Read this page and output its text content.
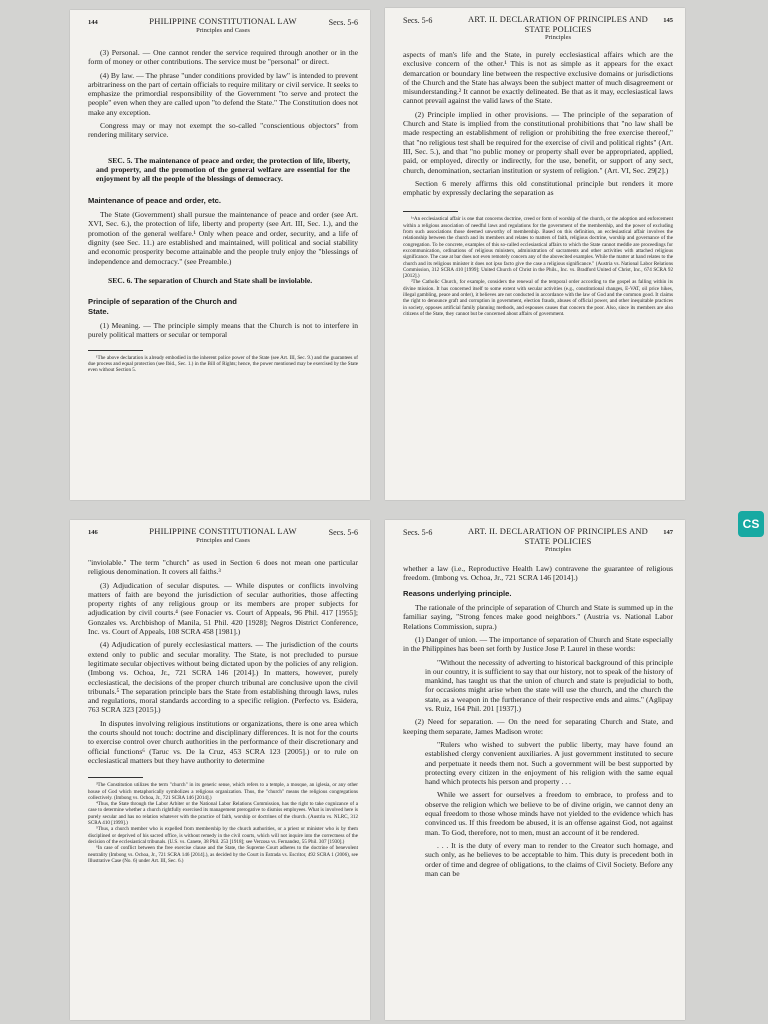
144	PHILIPPINE CONSTITUTIONAL LAW
Principles and Cases
Secs. 5-6

(3) Personal. — One cannot render the service required through another or in the form of money or other contributions. The service must be "personal" or direct.

(4) By law. — The phrase "under conditions provided by law" is intended to prevent arbitrariness on the part of certain officials to require military or civil service. It seeks to emphasize the primordial responsibility of the Government "to serve and protect the people" even when they are called upon "to defend the State." The Constitution does not make any exception.

Congress may or may not exempt the so-called "conscientious objectors" from rendering military service.

SEC. 5. The maintenance of peace and order, the protection of life, liberty, and property, and the promotion of the general welfare are essential for the enjoyment by all the people of the blessings of democracy.
Maintenance of peace and order, etc.

The State (Government) shall pursue the maintenance of peace and order (see Art. XVI, Sec. 6.), the protection of life, liberty and property (see Art. III, Sec. 1.), and the promotion of the general welfare.¹ Only when peace and order, security, and a life of dignity (see Sec. 11.) are established and maintained, will political and social stability and economic prosperity become attainable and the people truly enjoy the "blessings of independence and democracy." (see Preamble.)

SEC. 6. The separation of Church and State shall be inviolable.
Principle of separation of the Church and State.

(1) Meaning. — The principle simply means that the Church is not to interfere in purely political matters or secular or temporal

¹The above declaration is already embodied in the inherent police power of the State (see Art. III, Sec. 9.) and the guarantees of due process and equal protection (see Ibid., Sec. 1.) in the Bill of Rights; hence, the power mentioned may be exercised by the State even without Section 5.

Secs. 5-6	ART. II. DECLARATION OF PRINCIPLES AND STATE POLICIES
Principles
145

aspects of man's life and the State, in purely ecclesiastical affairs which are the exclusive concern of the other.¹ This is not as simple as it appears for the exact demarcation or boundary line between the respective exclusive domains or jurisdictions of the Church and the State has always been the subject matter of much disagreement or misunderstanding.² It cannot be exactly delineated. Be that as it may, ecclesiastical laws cannot prevail against the valid laws of the State.

(2) Principle implied in other provisions. — The principle of the separation of Church and State is implied from the constitutional prohibitions that "no law shall be made respecting an establishment of religion or prohibiting the free exercise thereof," that "no religious test shall be required for the exercise of civil and political rights" (Art. III, Sec. 5.), and that "no public money or property shall ever be appropriated, applied, paid, or employed, directly or indirectly, for the use, benefit, or support of any sect, church, denomination, sectarian institution or system of religion." (Art. VI, Sec. 29[2].)

Section 6 merely affirms this old constitutional principle but renders it more emphatic by expressly declaring the separation as

¹ᵃAn ecclesiastical affair is one that concerns doctrine, creed or form of worship of the church, or the adoption and enforcement within a religious association of needful laws and regulations for the government of the membership, and the power of excluding from such associations those deemed unworthy of membership. Based on this definition, an ecclesiastical affair involves the relationship between the church and its members and relates to matters of faith, religious doctrine, worship and governance of the congregation. To be concrete, examples of this so-called ecclesiastical affairs to which the State cannot meddle are proceedings for excommunication, ordinations of religious ministers, administration of sacraments and other activities with attached religious significance. The case at bar does not even remotely concern any of the abovecited examples. While the matter at hand relates to the church and its religious minister it does not ipso facto give the case a religious significance." (Austria vs. National Labor Relations Commission, 312 SCRA 410 [1999]; United Church of Christ in the Phils., Inc. vs. Bradford United of Christ, Inc., 674 SCRA 92 [2012].)

²The Catholic Church, for example, considers the renewal of the temporal order according to the gospel as falling within its divine mission. It has concerned itself to some extent with secular activities (e.g., constitutional changes, E-VAT, oil price hikes, illegal gambling, peace and order), it believes are not conducted in accordance with the law of God and the common good. It claims the right to denounce graft and corruption in government, election frauds, abuses of official power, and other inequitable practices in society, opposes artificial family planning methods, and espouses causes that concern the poor. Also, since its members are also citizens of the State, they cannot but be concerned about affairs of government.

146	PHILIPPINE CONSTITUTIONAL LAW
Principles and Cases
Secs. 5-6

"inviolable." The term "church" as used in Section 6 does not mean one particular religious denomination. It covers all faiths.³

(3) Adjudication of secular disputes. — While disputes or conflicts involving matters of faith are beyond the jurisdiction of secular authorities, those affecting property rights of any religious group or its members are proper subjects for adjudication by civil courts.⁴ (see Fonacier vs. Court of Appeals, 96 Phil. 417 [1955]; Gonzales vs. Archbishop of Manila, 51 Phil. 420 [1928]; Negros District Conference, Inc. vs. Court of Appeals, 108 SCRA 458 [1981].)

(4) Adjudication of purely ecclesiastical matters. — The jurisdiction of the courts extend only to public and secular morality. The State, is not precluded to pursue legitimate secular objectives without being dictated upon by the policies of any religion. (Imbong vs. Ochoa, Jr., 721 SCRA 146 [2014].) In matters, however, purely ecclesiastical, the decisions of the proper church tribunal are conclusive upon the civil tribunals.⁵ The separation principle bars the State from establishing through laws, rules and regulations, moral standards according to a specific religion. (Perfecto vs. Esidera, 763 SCRA 323 [2015].)

In disputes involving religious institutions or organizations, there is one area which the courts should not touch: doctrine and disciplinary differences. It is not for the courts to exercise control over church authorities in the performance of their discretionary and official functions⁶ (Taruc vs. De la Cruz, 453 SCRA 123 [2005].) or to rule on ecclesiastical matters but they have authority to determine

³The Constitution utilizes the term "church" in its generic sense, which refers to a temple, a mosque, an iglesia, or any other house of God which metaphorically symbolizes a religious organization. Thus, the "church" means the religious congregations collectively. (Imbong vs. Ochoa, Jr., 721 SCRA 146 [2014].)

⁴Thus, the State through the Labor Arbiter or the National Labor Relations Commission, has the right to take cognizance of a case to determine whether a church rightfully exercised its management prerogative to dismiss employees. What is involved here is purely secular and has no relation whatever with the practice of faith, worship or doctrines of the church. (Austria vs. NLRC, 312 SCRA 410 [1999].)

⁵Thus, a church member who is expelled from membership by the church authorities, or a priest or minister who is by them disciplined or deprived of his sacred office, is without remedy in the civil courts, which will not inquire into the correctness of the decision of the ecclesiastical tribunals. (U.S. vs. Canete, 38 Phil. 253 [1918]; see Verzosa vs. Fernandez, 55 Phil. 307 [1930].)

⁶In case of conflict between the free exercise clause and the State, the Supreme Court adheres to the doctrine of benevolent neutrality (Imbong vs. Ochoa, Jr., 721 SCRA 146 [2014].), as decided by the Court in Estrada vs. Escritor, 492 SCRA 1 (2006), see Illustrative Case (No. 6) under Art. III, Sec. 6.)

Secs. 5-6	ART. II. DECLARATION OF PRINCIPLES AND STATE POLICIES
Principles
147

whether a law (i.e., Reproductive Health Law) contravene the guarantee of religious freedom. (Imbong vs. Ochoa, Jr., 721 SCRA 146 [2014].)

Reasons underlying principle.

The rationale of the principle of separation of Church and State is summed up in the familiar saying, "Strong fences make good neighbors." (Austria vs. National Labor Relations Commission, supra.)

(1) Danger of union. — The importance of separation of Church and State especially in the Philippines has been set forth by Justice Jose P. Laurel in these words:

"Without the necessity of adverting to historical background of this principle in our country, it is sufficient to say that our history, not to speak of the history of mankind, has taught us that the union of church and state is prejudicial to both, for occasions might arise when the state will use the church, and the church the state, as a weapon in the furtherance of their respective ends and aims." (Aglipay vs. Ruiz, 164 Phil. 201 [1937].)

(2) Need for separation. — On the need for separating Church and State, and keeping them separate, James Madison wrote:

"Rulers who wished to subvert the public liberty, may have found an established clergy convenient auxiliaries. A just government instituted to secure and perpetuate it needs them not. Such a government will be best supported by protecting every citizen in the enjoyment of his religion with the same equal hand which protects his person and property . . .

While we assert for ourselves a freedom to embrace, to profess and to observe the religion which we believe to be of divine origin, we cannot deny an equal freedom to those whose minds have not yielded to the evidence which has convinced us. If this freedom be abused, it is an offense against God, not against man. To God, therefore, not to men, must an account of it be rendered.

. . . It is the duty of every man to render to the Creator such homage, and such only, as he believes to be acceptable to him. This duty is precedent both in order of time and degree of obligations, to the claims of Civil Society. Before any man can be

CS
